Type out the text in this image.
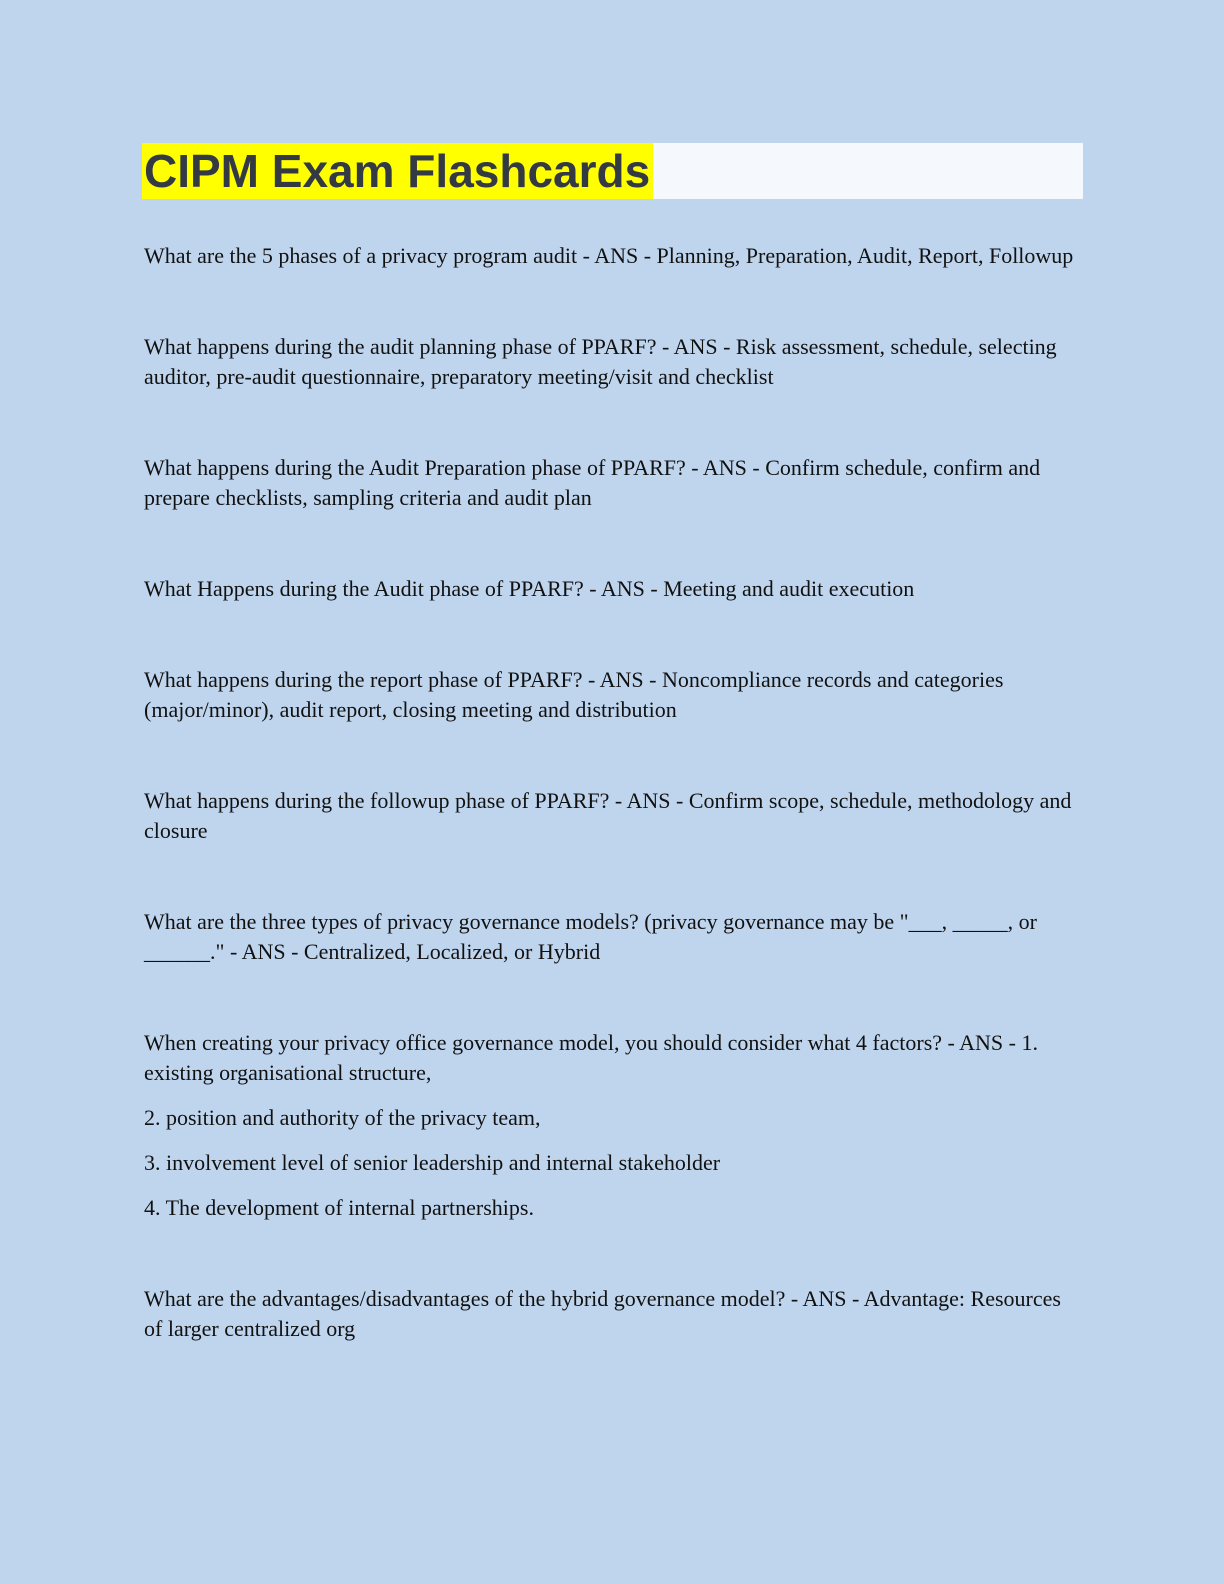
CIPM Exam Flashcards

What are the 5 phases of a privacy program audit - ANS - Planning, Preparation, Audit, Report, Followup

What happens during the audit planning phase of PPARF? - ANS - Risk assessment, schedule, selecting auditor, pre-audit questionnaire, preparatory meeting/visit and checklist

What happens during the Audit Preparation phase of PPARF? - ANS - Confirm schedule, confirm and prepare checklists, sampling criteria and audit plan

What Happens during the Audit phase of PPARF? - ANS - Meeting and audit execution

What happens during the report phase of PPARF? - ANS - Noncompliance records and categories (major/minor), audit report, closing meeting and distribution

What happens during the followup phase of PPARF? - ANS - Confirm scope, schedule, methodology and closure

What are the three types of privacy governance models? (privacy governance may be "___, _____, or ______." - ANS - Centralized, Localized, or Hybrid

When creating your privacy office governance model, you should consider what 4 factors? - ANS - 1. existing organisational structure,

2. position and authority of the privacy team,

3. involvement level of senior leadership and internal stakeholder

4. The development of internal partnerships.

What are the advantages/disadvantages of the hybrid governance model? - ANS - Advantage: Resources of larger centralized org
